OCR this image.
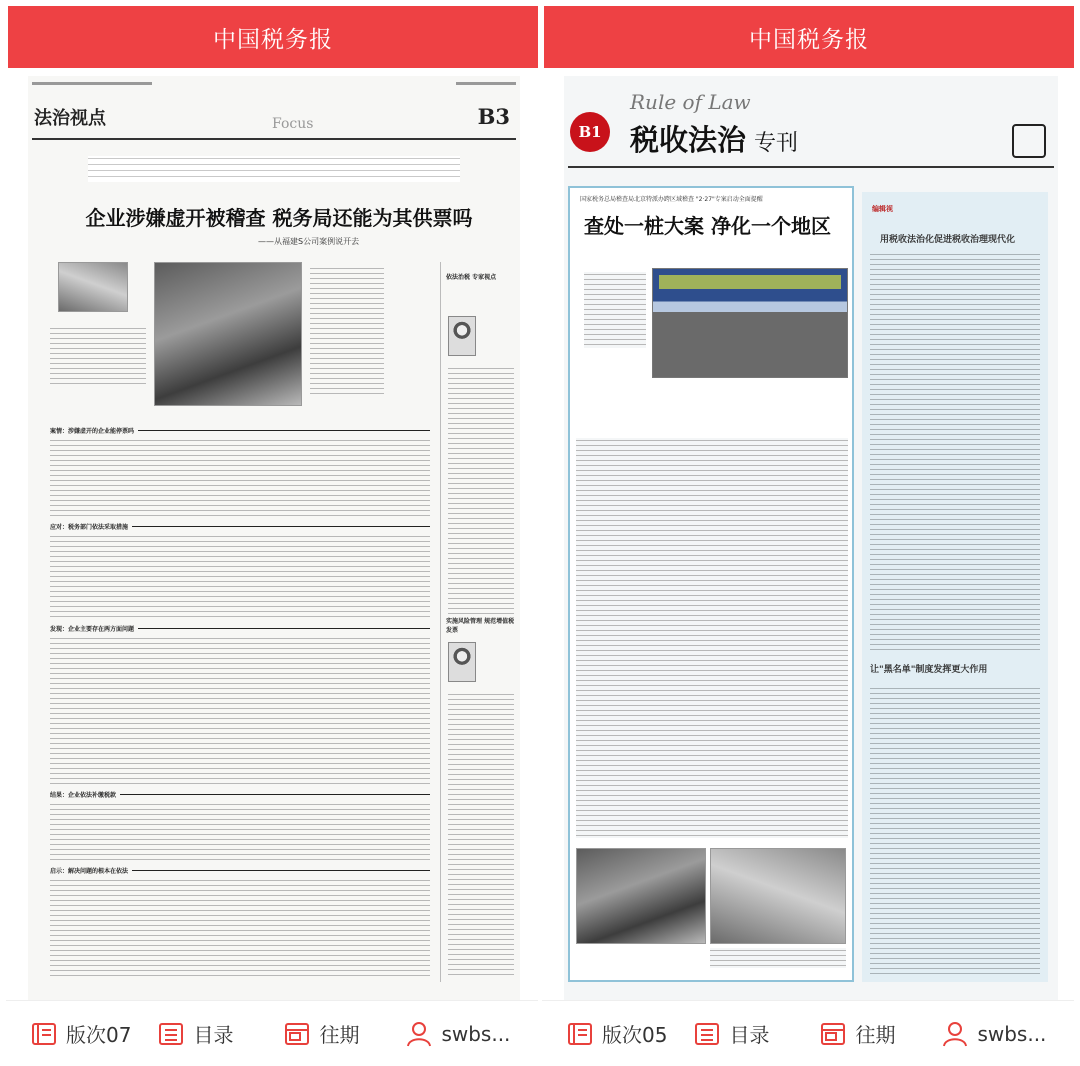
中国税务报
法治视点	Focus	B3
企业涉嫌虚开被稽查 税务局还能为其供票吗
——从福建S公司案例说开去
依法治税 专家视点
实施风险管理 规范增值税发票
案情：涉嫌虚开的企业能停票吗
应对：税务部门依法采取措施
发现：企业主要存在两方面问题
结果：企业依法补缴税款
启示：解决问题的根本在依法
版次07	目录	往期	swbs...
中国税务报
B1
Rule of Law
税收法治 专刊
国家税务总局稽查局北京特派办跨区域稽查 "2·27"专案启动全面提醒
查处一桩大案 净化一个地区
编辑视
用税收法治化促进税收治理现代化
让"黑名单"制度发挥更大作用
版次05	目录	往期	swbs...
